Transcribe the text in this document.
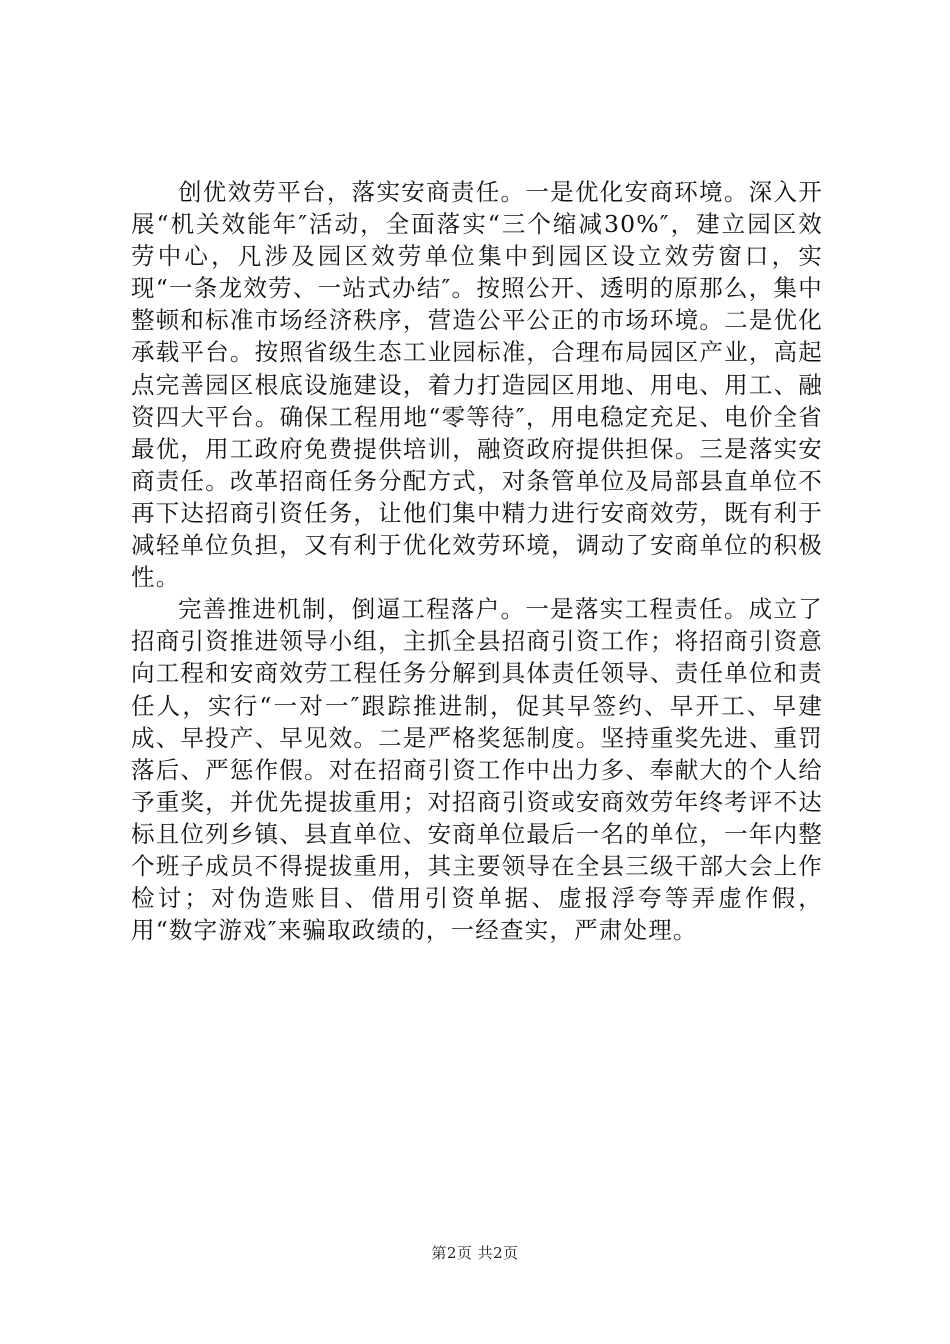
创优效劳平台，落实安商责任。一是优化安商环境。深入开展“机关效能年″活动，全面落实“三个缩减30%″，建立园区效劳中心，凡涉及园区效劳单位集中到园区设立效劳窗口，实现“一条龙效劳、一站式办结″。按照公开、透明的原那么，集中整顿和标准市场经济秩序，营造公平公正的市场环境。二是优化承载平台。按照省级生态工业园标准，合理布局园区产业，高起点完善园区根底设施建设，着力打造园区用地、用电、用工、融资四大平台。确保工程用地“零等待″，用电稳定充足、电价全省最优，用工政府免费提供培训，融资政府提供担保。三是落实安商责任。改革招商任务分配方式，对条管单位及局部县直单位不再下达招商引资任务，让他们集中精力进行安商效劳，既有利于减轻单位负担，又有利于优化效劳环境，调动了安商单位的积极性。

完善推进机制，倒逼工程落户。一是落实工程责任。成立了招商引资推进领导小组，主抓全县招商引资工作；将招商引资意向工程和安商效劳工程任务分解到具体责任领导、责任单位和责任人，实行“一对一″跟踪推进制，促其早签约、早开工、早建成、早投产、早见效。二是严格奖惩制度。坚持重奖先进、重罚落后、严惩作假。对在招商引资工作中出力多、奉献大的个人给予重奖，并优先提拔重用；对招商引资或安商效劳年终考评不达标且位列乡镇、县直单位、安商单位最后一名的单位，一年内整个班子成员不得提拔重用，其主要领导在全县三级干部大会上作检讨；对伪造账目、借用引资单据、虚报浮夸等弄虚作假，用“数字游戏″来骗取政绩的，一经查实，严肃处理。

第2页 共2页
